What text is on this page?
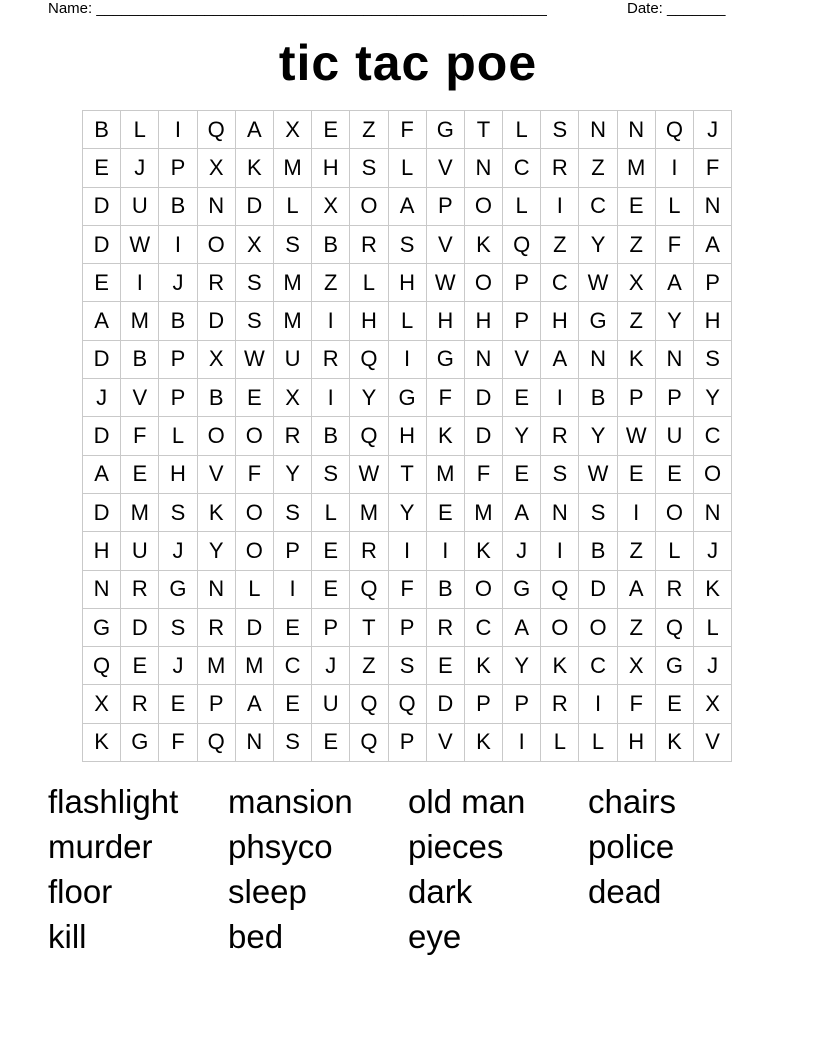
Name: ______________________________________________________	Date: _______
tic tac poe
B	L	I	Q	A	X	E	Z	F	G	T	L	S	N	N Q	J
E	J	P	X	K M H	S	L	V	N	C	R	Z	M	I	F
D	U	B	N	D	L	X	O	A	P	O	L	I	C	E	L	N
D W	I	O	X	S	B	R	S	V	K	Q	Z	Y	Z	F	A
E	I	J	R	S M	Z	L	H W O	P	C W X	A	P
A M B	D	S M	I	H	L	H	H	P	H G	Z	Y	H
D	B	P	X W U	R Q	I	G N	V	A	N	K	N	S
J	V	P	B	E	X	I	Y	G	F	D	E	I	B	P	P	Y
D	F	L	O O R	B	Q H	K	D	Y	R	Y W U	C
A	E	H	V	F	Y	S W T	M	F	E	S W E	E	O
D M S	K	O	S	L	M Y	E M A	N	S	I	O N
H	U	J	Y	O	P	E	R	I	I	K	J	I	B	Z	L	J
N	R G N	L	I	E	Q	F	B	O G Q D	A	R	K
G D	S	R	D	E	P	T	P	R	C	A	O O	Z	Q	L
Q	E	J	M M C	J	Z	S	E	K	Y	K	C	X	G	J
X	R	E	P	A	E	U Q Q D	P	P	R	I	F	E	X
K	G	F	Q N	S	E	Q	P	V	K	I	L	L	H	K	V
flashlight	mansion	old man	chairs
murder	phsyco	pieces	police
floor	sleep	dark	dead
kill	bed	eye
